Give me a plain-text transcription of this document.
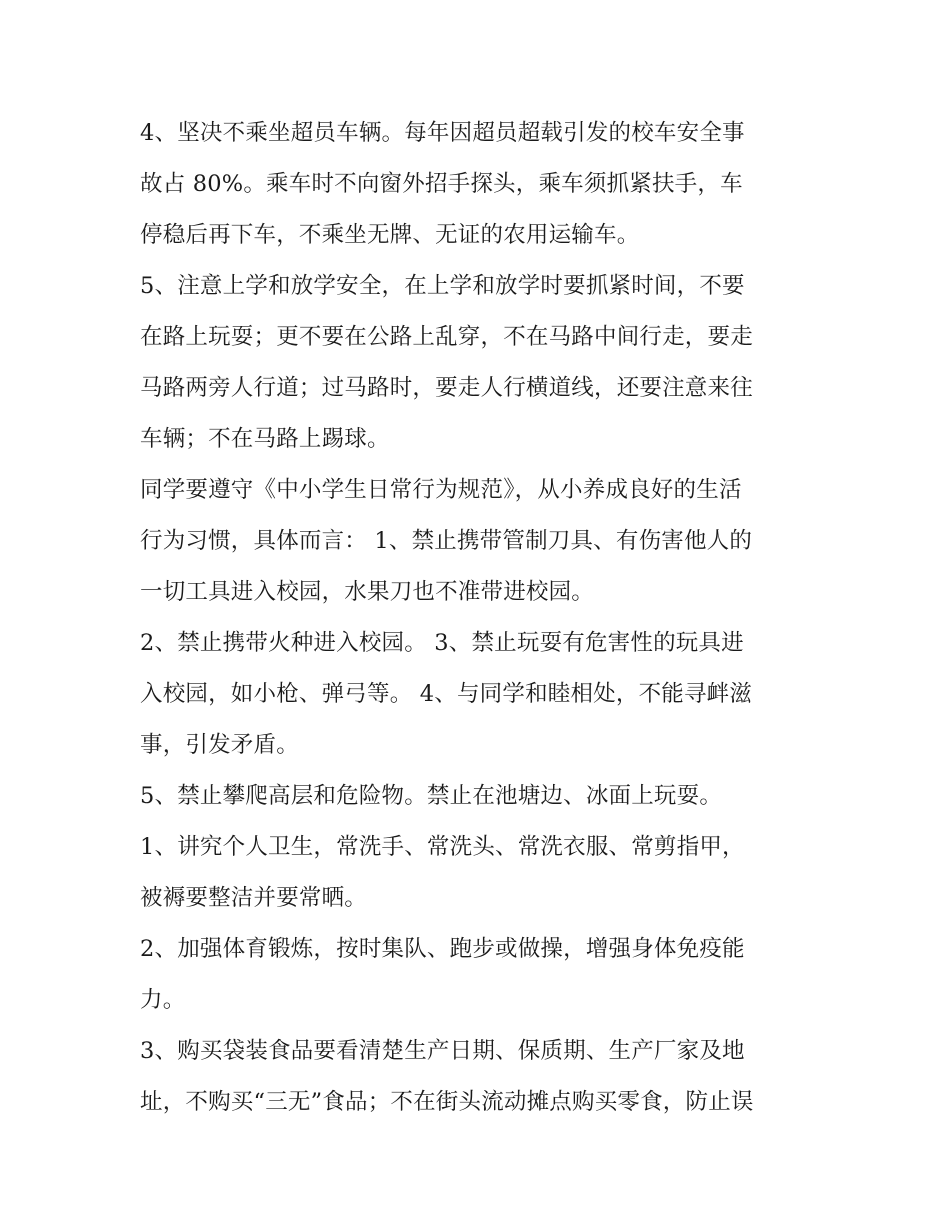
4、坚决不乘坐超员车辆。每年因超员超载引发的校车安全事
故占 80%。乘车时不向窗外招手探头，乘车须抓紧扶手，车
停稳后再下车，不乘坐无牌、无证的农用运输车。
5、注意上学和放学安全，在上学和放学时要抓紧时间，不要
在路上玩耍；更不要在公路上乱穿，不在马路中间行走，要走
马路两旁人行道；过马路时，要走人行横道线，还要注意来往
车辆；不在马路上踢球。
同学要遵守《中小学生日常行为规范》，从小养成良好的生活
行为习惯，具体而言： 1、禁止携带管制刀具、有伤害他人的
一切工具进入校园，水果刀也不准带进校园。
2、禁止携带火种进入校园。 3、禁止玩耍有危害性的玩具进
入校园，如小枪、弹弓等。 4、与同学和睦相处，不能寻衅滋
事，引发矛盾。
5、禁止攀爬高层和危险物。禁止在池塘边、冰面上玩耍。
1、讲究个人卫生，常洗手、常洗头、常洗衣服、常剪指甲，
被褥要整洁并要常晒。
2、加强体育锻炼，按时集队、跑步或做操，增强身体免疫能
力。
3、购买袋装食品要看清楚生产日期、保质期、生产厂家及地
址，不购买“三无”食品；不在街头流动摊点购买零食，防止误
